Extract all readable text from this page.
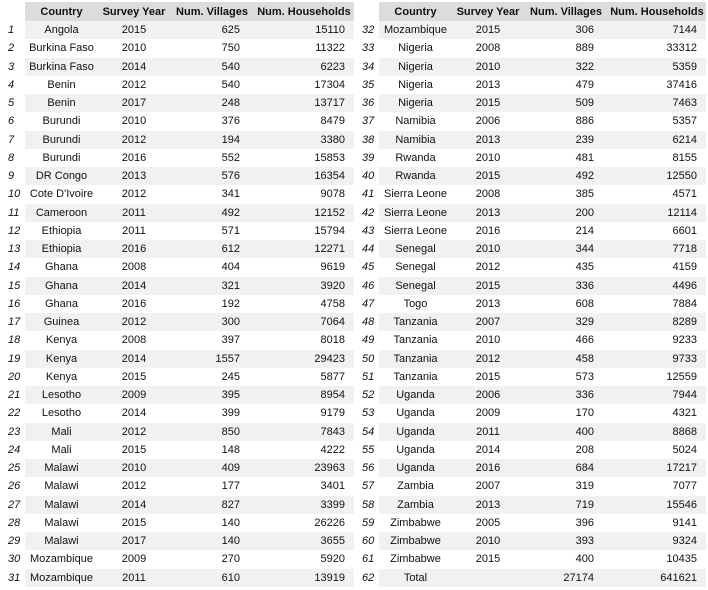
	Country	Survey Year	Num. Villages	Num. Households
1	Angola	2015	625	15110
2	Burkina Faso	2010	750	11322
3	Burkina Faso	2014	540	6223
4	Benin	2012	540	17304
5	Benin	2017	248	13717
6	Burundi	2010	376	8479
7	Burundi	2012	194	3380
8	Burundi	2016	552	15853
9	DR Congo	2013	576	16354
10	Cote D'Ivoire	2012	341	9078
11	Cameroon	2011	492	12152
12	Ethiopia	2011	571	15794
13	Ethiopia	2016	612	12271
14	Ghana	2008	404	9619
15	Ghana	2014	321	3920
16	Ghana	2016	192	4758
17	Guinea	2012	300	7064
18	Kenya	2008	397	8018
19	Kenya	2014	1557	29423
20	Kenya	2015	245	5877
21	Lesotho	2009	395	8954
22	Lesotho	2014	399	9179
23	Mali	2012	850	7843
24	Mali	2015	148	4222
25	Malawi	2010	409	23963
26	Malawi	2012	177	3401
27	Malawi	2014	827	3399
28	Malawi	2015	140	26226
29	Malawi	2017	140	3655
30	Mozambique	2009	270	5920
31	Mozambique	2011	610	13919
	Country	Survey Year	Num. Villages	Num. Households
32	Mozambique	2015	306	7144
33	Nigeria	2008	889	33312
34	Nigeria	2010	322	5359
35	Nigeria	2013	479	37416
36	Nigeria	2015	509	7463
37	Namibia	2006	886	5357
38	Namibia	2013	239	6214
39	Rwanda	2010	481	8155
40	Rwanda	2015	492	12550
41	Sierra Leone	2008	385	4571
42	Sierra Leone	2013	200	12114
43	Sierra Leone	2016	214	6601
44	Senegal	2010	344	7718
45	Senegal	2012	435	4159
46	Senegal	2015	336	4496
47	Togo	2013	608	7884
48	Tanzania	2007	329	8289
49	Tanzania	2010	466	9233
50	Tanzania	2012	458	9733
51	Tanzania	2015	573	12559
52	Uganda	2006	336	7944
53	Uganda	2009	170	4321
54	Uganda	2011	400	8868
55	Uganda	2014	208	5024
56	Uganda	2016	684	17217
57	Zambia	2007	319	7077
58	Zambia	2013	719	15546
59	Zimbabwe	2005	396	9141
60	Zimbabwe	2010	393	9324
61	Zimbabwe	2015	400	10435
62	Total		27174	641621
